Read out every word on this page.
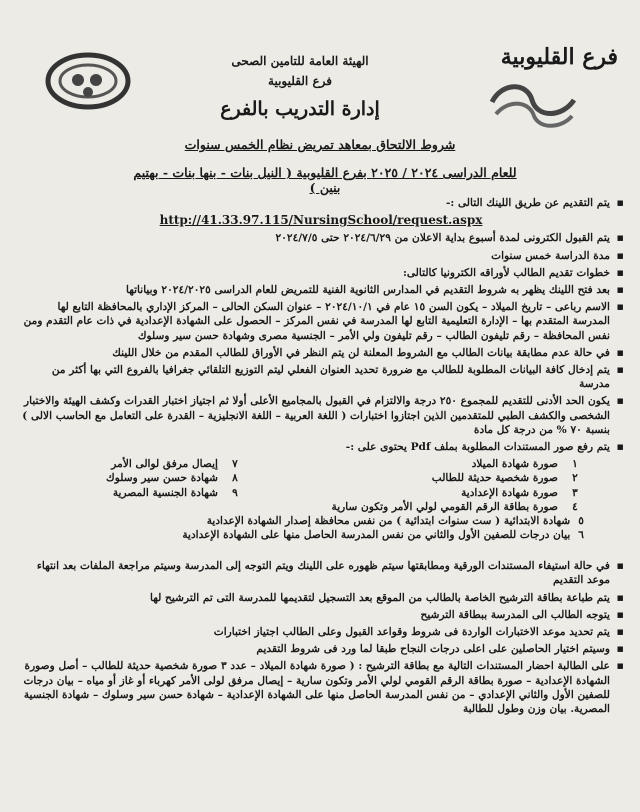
فرع القليوبية
الهيئة العامة للتامين الصحى
فرع القليوبية
إدارة التدريب بالفرع
شروط الالتحاق بمعاهد تمريض نظام الخمس سنوات
للعام الدراسى ٢٠٢٤ / ٢٠٢٥ بفرع القليوبية ( النيل بنات - بنها بنات - بهتيم بنين )
▪ يتم التقديم عن طريق اللينك التالى :-
http://41.33.97.115/NursingSchool/request.aspx
▪ يتم القبول الكترونى لمدة أسبوع بداية الاعلان من ٢٠٢٤/٦/٢٩ حتى ٢٠٢٤/٧/٥
▪ مدة الدراسة خمس سنوات
▪ خطوات تقديم الطالب لأوراقه الكترونيا كالتالى:
▪ بعد فتح اللينك يظهر به شروط التقديم في المدارس الثانوية الفنية للتمريض للعام الدراسى ٢٠٢٤/٢٠٢٥ وبياناتها
▪ الاسم رباعى – تاريخ الميلاد – يكون السن ١٥ عام في ٢٠٢٤/١٠/١ – عنوان السكن الحالى – المركز الإداري بالمحافظة التابع لها المدرسة المتقدم بها – الإدارة التعليمية التابع لها المدرسة في نفس المركز – الحصول على الشهادة الإعدادية في ذات عام التقدم ومن نفس المحافظة – رقم تليفون الطالب – رقم تليفون ولي الأمر – الجنسية مصرى وشهادة حسن سير وسلوك
▪ في حالة عدم مطابقة بيانات الطالب مع الشروط المعلنة لن يتم النظر في الأوراق للطالب المقدم من خلال اللينك
▪ يتم إدخال كافة البيانات المطلوبة للطالب مع ضرورة تحديد العنوان الفعلي ليتم التوزيع التلقائي جغرافيا بالفروع التي بها أكثر من مدرسة
▪ يكون الحد الأدنى للتقديم للمجموع ٢٥٠ درجة والالتزام في القبول بالمجاميع الأعلى أولا ثم اجتياز اختبار القدرات وكشف الهيئة والاختبار الشخصى والكشف الطبي للمتقدمين الذين اجتازوا اختبارات ( اللغة العربية – اللغة الانجليزية – القدرة على التعامل مع الحاسب الالى ) بنسبة ٧٠ % من درجة كل مادة
▪ يتم رفع صور المستندات المطلوبة بملف Pdf يحتوى على :-
١
صورة شهادة الميلاد
٢
صورة شخصية حديثة للطالب
٣
صورة شهادة الإعدادية
٤
صورة بطاقة الرقم القومي لولي الأمر وتكون سارية
٥
شهادة الابتدائية ( ست سنوات ابتدائية ) من نفس محافظة إصدار الشهادة الإعدادية
٦
بيان درجات للصفين الأول والثاني من نفس المدرسة الحاصل منها على الشهادة الإعدادية
٧
إيصال مرفق لوالى الأمر
٨
شهادة حسن سير وسلوك
٩
شهادة الجنسية المصرية
▪ في حالة استيفاء المستندات الورقية ومطابقتها سيتم ظهوره على اللينك ويتم التوجه إلى المدرسة وسيتم مراجعة الملفات بعد انتهاء موعد التقديم
▪ يتم طباعة بطاقة الترشيح الخاصة بالطالب من الموقع بعد التسجيل لتقديمها للمدرسة التى تم الترشيح لها
▪ يتوجه الطالب الى المدرسة ببطاقة الترشيح
▪ يتم تحديد موعد الاختبارات الواردة فى شروط وقواعد القبول وعلى الطالب اجتياز اختبارات
▪ وسيتم اختيار الحاصلين على اعلى درجات النجاح طبقا لما ورد فى شروط التقديم
▪ على الطالبة احضار المستندات التالية مع بطاقة الترشيح : ( صورة شهادة الميلاد – عدد ٣ صورة شخصية حديثة للطالب – أصل وصورة الشهادة الإعدادية – صورة بطاقة الرقم القومي لولي الأمر وتكون سارية – إيصال مرفق لولى الأمر كهرباء أو غاز أو مياه – بيان درجات للصفين الأول والثاني الإعدادي – من نفس المدرسة الحاصل منها على الشهادة الإعدادية – شهادة حسن سير وسلوك – شهادة الجنسية المصرية. بيان وزن وطول للطالبة
